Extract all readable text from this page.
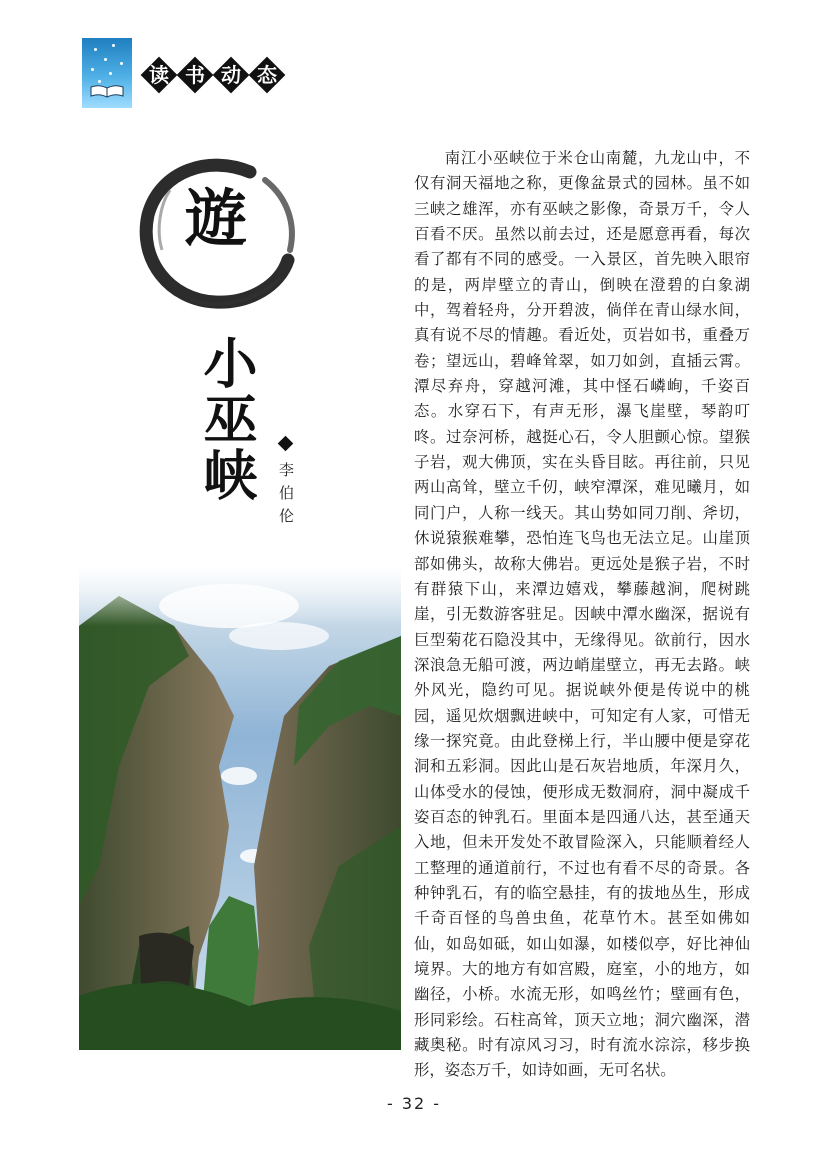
读 书 动 态
遊
小巫峡 李伯伦

南江小巫峡位于米仓山南麓，九龙山中，不仅有洞天福地之称，更像盆景式的园林。虽不如三峡之雄浑，亦有巫峡之影像，奇景万千，令人百看不厌。虽然以前去过，还是愿意再看，每次看了都有不同的感受。一入景区，首先映入眼帘的是，两岸壁立的青山，倒映在澄碧的白象湖中，驾着轻舟，分开碧波，倘佯在青山绿水间，真有说不尽的情趣。看近处，页岩如书，重叠万卷；望远山，碧峰耸翠，如刀如剑，直插云霄。潭尽弃舟，穿越河滩，其中怪石嶙峋，千姿百态。水穿石下，有声无形，瀑飞崖壁，琴韵叮咚。过奈河桥，越挺心石，令人胆颤心惊。望猴子岩，观大佛顶，实在头昏目眩。再往前，只见两山高耸，壁立千仞，峡窄潭深，难见曦月，如同门户，人称一线天。其山势如同刀削、斧切，休说猿猴难攀，恐怕连飞鸟也无法立足。山崖顶部如佛头，故称大佛岩。更远处是猴子岩，不时有群猿下山，来潭边嬉戏，攀藤越涧，爬树跳崖，引无数游客驻足。因峡中潭水幽深，据说有巨型菊花石隐没其中，无缘得见。欲前行，因水深浪急无船可渡，两边峭崖壁立，再无去路。峡外风光，隐约可见。据说峡外便是传说中的桃园，遥见炊烟飘进峡中，可知定有人家，可惜无缘一探究竟。由此登梯上行，半山腰中便是穿花洞和五彩洞。因此山是石灰岩地质，年深月久，山体受水的侵蚀，便形成无数洞府，洞中凝成千姿百态的钟乳石。里面本是四通八达，甚至通天入地，但未开发处不敢冒险深入，只能顺着经人工整理的通道前行，不过也有看不尽的奇景。各种钟乳石，有的临空悬挂，有的拔地丛生，形成千奇百怪的鸟兽虫鱼，花草竹木。甚至如佛如仙，如岛如砥，如山如瀑，如楼似亭，好比神仙境界。大的地方有如宫殿，庭室，小的地方，如幽径，小桥。水流无形，如鸣丝竹；壁画有色，形同彩绘。石柱高耸，顶天立地；洞穴幽深，潜藏奥秘。时有凉风习习，时有流水淙淙，移步换形，姿态万千，如诗如画，无可名状。

- 32 -
